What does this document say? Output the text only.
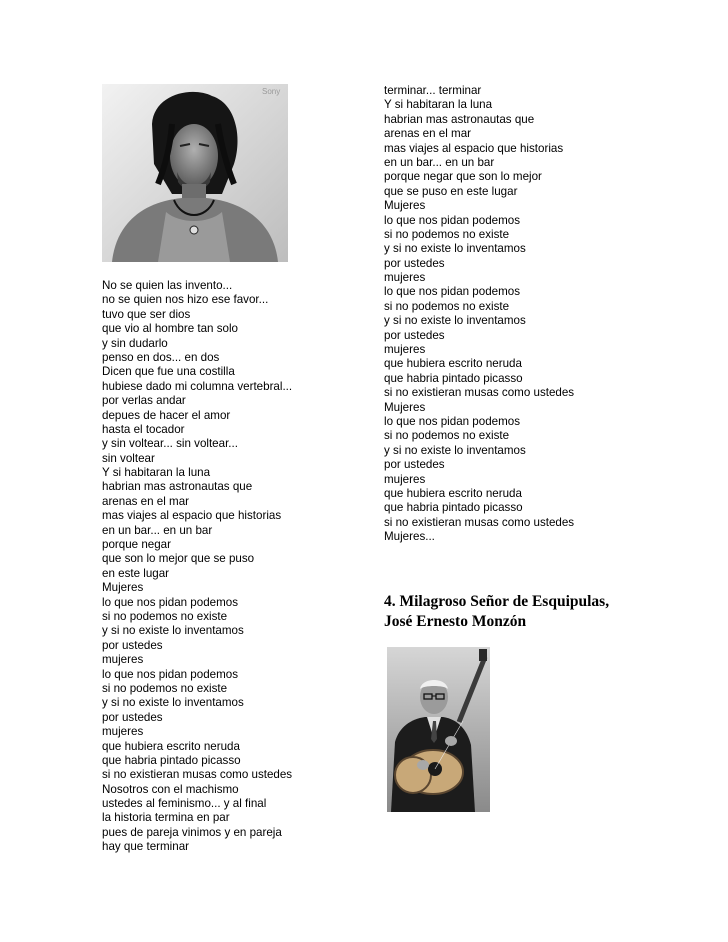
Sony
No se quien las invento...
no se quien nos hizo ese favor...
tuvo que ser dios
que vio al hombre tan solo
y sin dudarlo
penso en dos... en dos
Dicen que fue una costilla
hubiese dado mi columna vertebral...
por verlas andar
depues de hacer el amor
hasta el tocador
y sin voltear... sin voltear...
sin voltear
Y si habitaran la luna
habrian mas astronautas que
arenas en el mar
mas viajes al espacio que historias
en un bar... en un bar
porque negar
que son lo mejor que se puso
en este lugar
Mujeres
lo que nos pidan podemos
si no podemos no existe
y si no existe lo inventamos
por ustedes
mujeres
lo que nos pidan podemos
si no podemos no existe
y si no existe lo inventamos
por ustedes
mujeres
que hubiera escrito neruda
que habria pintado picasso
si no existieran musas como ustedes
Nosotros con el machismo
ustedes al feminismo... y al final
la historia termina en par
pues de pareja vinimos y en pareja
hay que terminar
terminar... terminar
Y si habitaran la luna
habrian mas astronautas que
arenas en el mar
mas viajes al espacio que historias
en un bar... en un bar
porque negar que son lo mejor
que se puso en este lugar
Mujeres
lo que nos pidan podemos
si no podemos no existe
y si no existe lo inventamos
por ustedes
mujeres
lo que nos pidan podemos
si no podemos no existe
y si no existe lo inventamos
por ustedes
mujeres
que hubiera escrito neruda
que habria pintado picasso
si no existieran musas como ustedes
Mujeres
lo que nos pidan podemos
si no podemos no existe
y si no existe lo inventamos
por ustedes
mujeres
que hubiera escrito neruda
que habria pintado picasso
si no existieran musas como ustedes
Mujeres...
4. Milagroso Señor de Esquipulas,
José Ernesto Monzón
